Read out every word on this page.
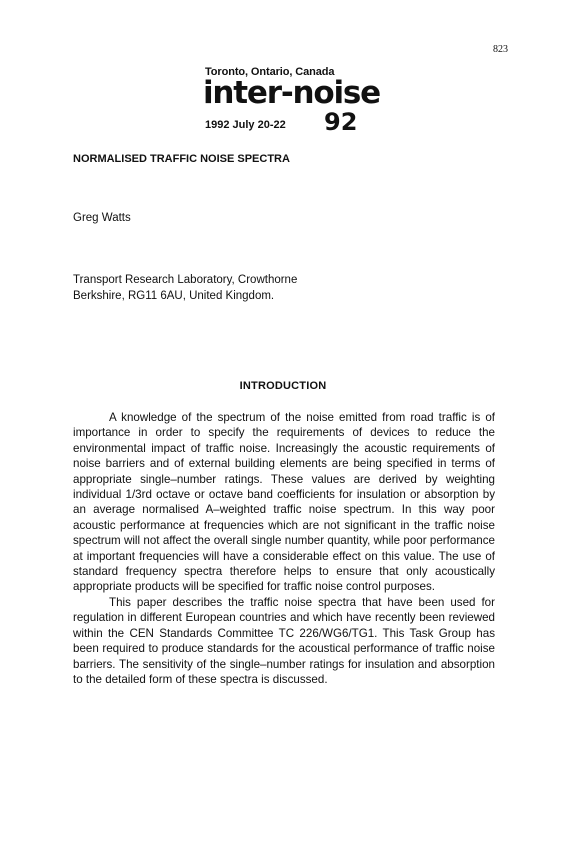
823
Toronto, Ontario, Canada
inter-noise
1992 July 20-22 92
NORMALISED TRAFFIC NOISE SPECTRA
Greg Watts
Transport Research Laboratory, Crowthorne
Berkshire, RG11 6AU, United Kingdom.
INTRODUCTION

A knowledge of the spectrum of the noise emitted from road traffic is of importance in order to specify the requirements of devices to reduce the environmental impact of traffic noise. Increasingly the acoustic requirements of noise barriers and of external building elements are being specified in terms of appropriate single–number ratings. These values are derived by weighting individual 1/3rd octave or octave band coefficients for insulation or absorption by an average normalised A–weighted traffic noise spectrum. In this way poor acoustic performance at frequencies which are not significant in the traffic noise spectrum will not affect the overall single number quantity, while poor performance at important frequencies will have a considerable effect on this value. The use of standard frequency spectra therefore helps to ensure that only acoustically appropriate products will be specified for traffic noise control purposes.

This paper describes the traffic noise spectra that have been used for regulation in different European countries and which have recently been reviewed within the CEN Standards Committee TC 226/WG6/TG1. This Task Group has been required to produce standards for the acoustical performance of traffic noise barriers. The sensitivity of the single–number ratings for insulation and absorption to the detailed form of these spectra is discussed.
